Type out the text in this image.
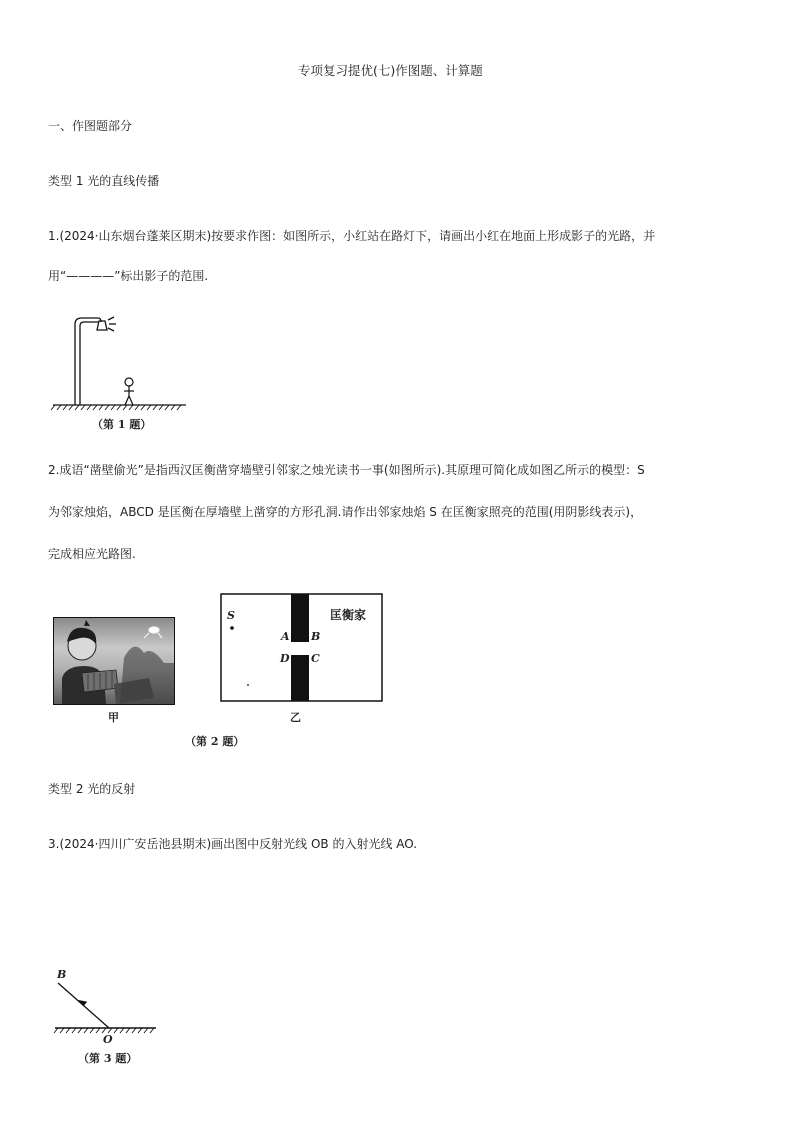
专项复习提优(七)作图题、计算题
一、作图题部分
类型 1 光的直线传播
1.(2024·山东烟台蓬莱区期末)按要求作图：如图所示，小红站在路灯下，请画出小红在地面上形成影子的光路，并
用“————”标出影子的范围.
（第 1 题）
2.成语“凿壁偷光”是指西汉匡衡凿穿墙壁引邻家之烛光读书一事(如图所示).其原理可简化成如图乙所示的模型：S
为邻家烛焰，ABCD 是匡衡在厚墙壁上凿穿的方形孔洞.请作出邻家烛焰 S 在匡衡家照亮的范围(用阴影线表示)，
完成相应光路图.
甲
S
A B
D C
匡衡家
乙
（第 2 题）
类型 2 光的反射
3.(2024·四川广安岳池县期末)画出图中反射光线 OB 的入射光线 AO.
B
O
（第 3 题）
